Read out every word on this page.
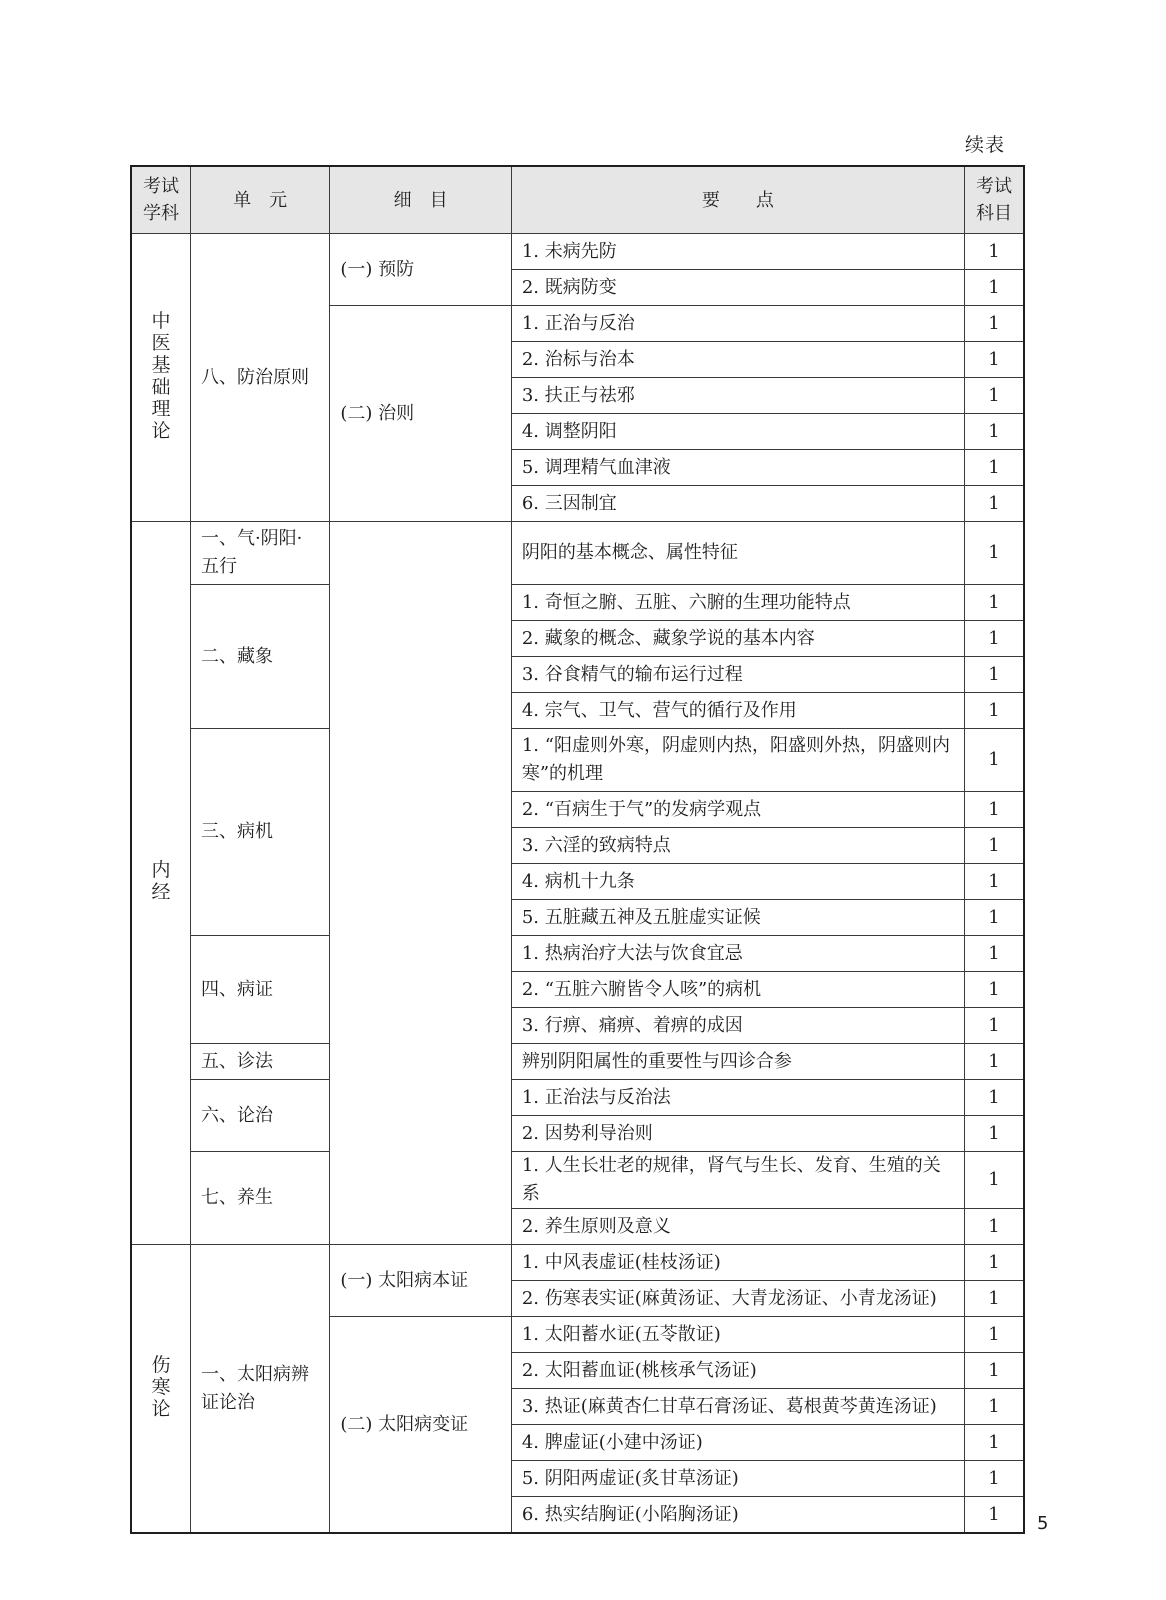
续表
考试学科	单　元	细　目	要　　点	考试科目
中医基础理论	八、防治原则	(一) 预防	1. 未病先防	1
			2. 既病防变	1
		(二) 治则	1. 正治与反治	1
			2. 治标与治本	1
			3. 扶正与祛邪	1
			4. 调整阴阳	1
			5. 调理精气血津液	1
			6. 三因制宜	1
内经	一、气·阴阳·五行		阴阳的基本概念、属性特征	1
	二、藏象		1. 奇恒之腑、五脏、六腑的生理功能特点	1
			2. 藏象的概念、藏象学说的基本内容	1
			3. 谷食精气的输布运行过程	1
			4. 宗气、卫气、营气的循行及作用	1
	三、病机		1. “阳虚则外寒，阴虚则内热，阳盛则外热，阴盛则内寒”的机理	1
			2. “百病生于气”的发病学观点	1
			3. 六淫的致病特点	1
			4. 病机十九条	1
			5. 五脏藏五神及五脏虚实证候	1
	四、病证		1. 热病治疗大法与饮食宜忌	1
			2. “五脏六腑皆令人咳”的病机	1
			3. 行痹、痛痹、着痹的成因	1
	五、诊法		辨别阴阳属性的重要性与四诊合参	1
	六、论治		1. 正治法与反治法	1
			2. 因势利导治则	1
	七、养生		1. 人生长壮老的规律，肾气与生长、发育、生殖的关系	1
			2. 养生原则及意义	1
伤寒论	一、太阳病辨证论治	(一) 太阳病本证	1. 中风表虚证(桂枝汤证)	1
			2. 伤寒表实证(麻黄汤证、大青龙汤证、小青龙汤证)	1
		(二) 太阳病变证	1. 太阳蓄水证(五苓散证)	1
			2. 太阳蓄血证(桃核承气汤证)	1
			3. 热证(麻黄杏仁甘草石膏汤证、葛根黄芩黄连汤证)	1
			4. 脾虚证(小建中汤证)	1
			5. 阴阳两虚证(炙甘草汤证)	1
			6. 热实结胸证(小陷胸汤证)	1 5
